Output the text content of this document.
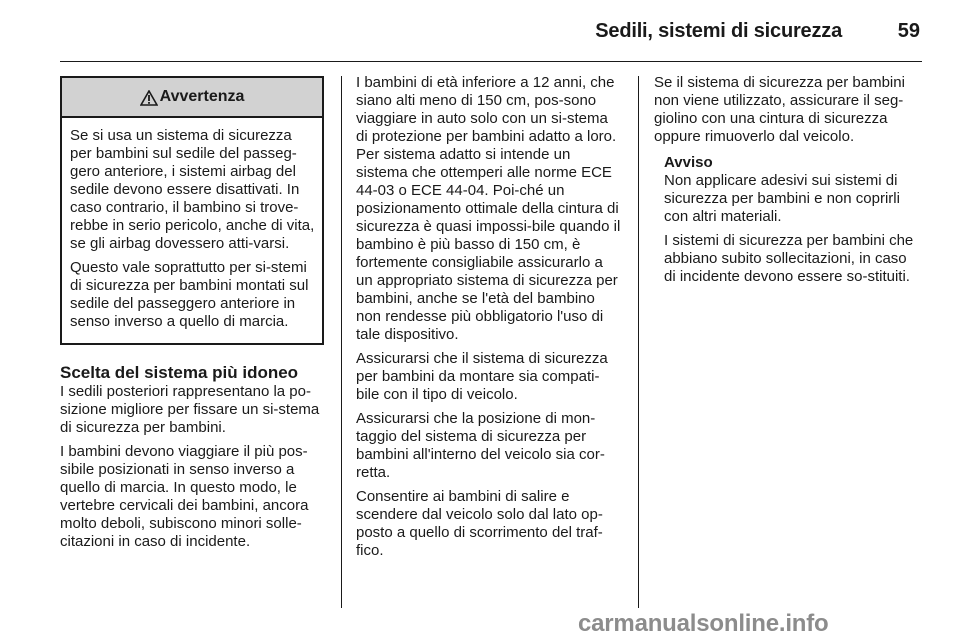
Sedili, sistemi di sicurezza	59
Avvertenza

Se si usa un sistema di sicurezza per bambini sul sedile del passeg-gero anteriore, i sistemi airbag del sedile devono essere disattivati. In caso contrario, il bambino si trove-rebbe in serio pericolo, anche di vita, se gli airbag dovessero atti-varsi.

Questo vale soprattutto per si-stemi di sicurezza per bambini montati sul sedile del passeggero anteriore in senso inverso a quello di marcia.

Scelta del sistema più idoneo

I sedili posteriori rappresentano la po-sizione migliore per fissare un si-stema di sicurezza per bambini.

I bambini devono viaggiare il più pos-sibile posizionati in senso inverso a quello di marcia. In questo modo, le vertebre cervicali dei bambini, ancora molto deboli, subiscono minori solle-citazioni in caso di incidente.

I bambini di età inferiore a 12 anni, che siano alti meno di 150 cm, pos-sono viaggiare in auto solo con un si-stema di protezione per bambini adatto a loro. Per sistema adatto si intende un sistema che ottemperi alle norme ECE 44-03 o ECE 44-04. Poi-ché un posizionamento ottimale della cintura di sicurezza è quasi impossi-bile quando il bambino è più basso di 150 cm, è fortemente consigliabile assicurarlo a un appropriato sistema di sicurezza per bambini, anche se l'età del bambino non rendesse più obbligatorio l'uso di tale dispositivo.

Assicurarsi che il sistema di sicurezza per bambini da montare sia compati-bile con il tipo di veicolo.

Assicurarsi che la posizione di mon-taggio del sistema di sicurezza per bambini all'interno del veicolo sia cor-retta.

Consentire ai bambini di salire e scendere dal veicolo solo dal lato op-posto a quello di scorrimento del traf-fico.

Se il sistema di sicurezza per bambini non viene utilizzato, assicurare il seg-giolino con una cintura di sicurezza oppure rimuoverlo dal veicolo.

Avviso

Non applicare adesivi sui sistemi di sicurezza per bambini e non coprirli con altri materiali.

I sistemi di sicurezza per bambini che abbiano subito sollecitazioni, in caso di incidente devono essere so-stituiti.

carmanualsonline.info
